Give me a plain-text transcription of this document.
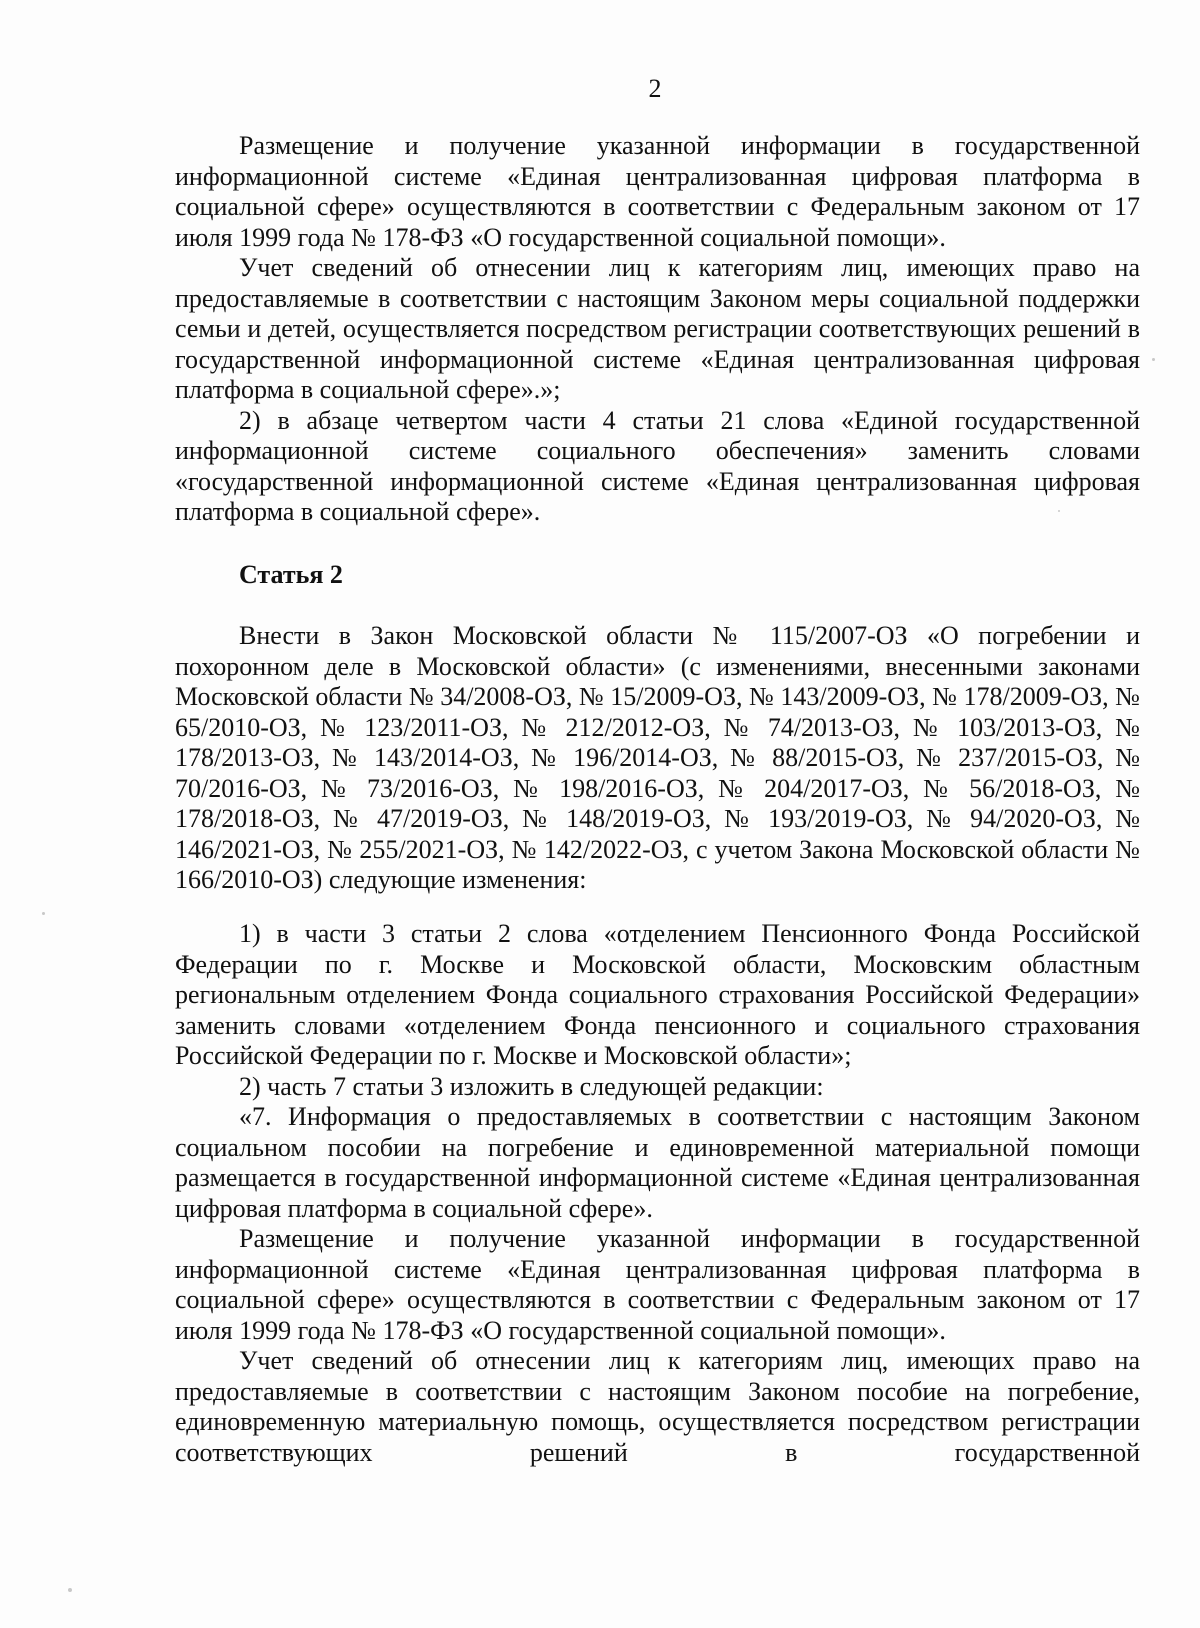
2

Размещение и получение указанной информации в государственной информационной системе «Единая централизованная цифровая платформа в социальной сфере» осуществляются в соответствии с Федеральным законом от 17 июля 1999 года № 178-ФЗ «О государственной социальной помощи».

Учет сведений об отнесении лиц к категориям лиц, имеющих право на предоставляемые в соответствии с настоящим Законом меры социальной поддержки семьи и детей, осуществляется посредством регистрации соответствующих решений в государственной информационной системе «Единая централизованная цифровая платформа в социальной сфере».»;

2) в абзаце четвертом части 4 статьи 21 слова «Единой государственной информационной системе социального обеспечения» заменить словами «государственной информационной системе «Единая централизованная цифровая платформа в социальной сфере».

Статья 2

Внести в Закон Московской области № 115/2007-ОЗ «О погребении и похоронном деле в Московской области» (с изменениями, внесенными законами Московской области № 34/2008-ОЗ, № 15/2009-ОЗ, № 143/2009-ОЗ, № 178/2009-ОЗ, № 65/2010-ОЗ, № 123/2011-ОЗ, № 212/2012-ОЗ, № 74/2013-ОЗ, № 103/2013-ОЗ, № 178/2013-ОЗ, № 143/2014-ОЗ, № 196/2014-ОЗ, № 88/2015-ОЗ, № 237/2015-ОЗ, № 70/2016-ОЗ, № 73/2016-ОЗ, № 198/2016-ОЗ, № 204/2017-ОЗ, № 56/2018-ОЗ, № 178/2018-ОЗ, № 47/2019-ОЗ, № 148/2019-ОЗ, № 193/2019-ОЗ, № 94/2020-ОЗ, № 146/2021-ОЗ, № 255/2021-ОЗ, № 142/2022-ОЗ, с учетом Закона Московской области № 166/2010-ОЗ) следующие изменения:

1) в части 3 статьи 2 слова «отделением Пенсионного Фонда Российской Федерации по г. Москве и Московской области, Московским областным региональным отделением Фонда социального страхования Российской Федерации» заменить словами «отделением Фонда пенсионного и социального страхования Российской Федерации по г. Москве и Московской области»;

2) часть 7 статьи 3 изложить в следующей редакции:

«7. Информация о предоставляемых в соответствии с настоящим Законом социальном пособии на погребение и единовременной материальной помощи размещается в государственной информационной системе «Единая централизованная цифровая платформа в социальной сфере».

Размещение и получение указанной информации в государственной информационной системе «Единая централизованная цифровая платформа в социальной сфере» осуществляются в соответствии с Федеральным законом от 17 июля 1999 года № 178-ФЗ «О государственной социальной помощи».

Учет сведений об отнесении лиц к категориям лиц, имеющих право на предоставляемые в соответствии с настоящим Законом пособие на погребение, единовременную материальную помощь, осуществляется посредством регистрации соответствующих решений в государственной
